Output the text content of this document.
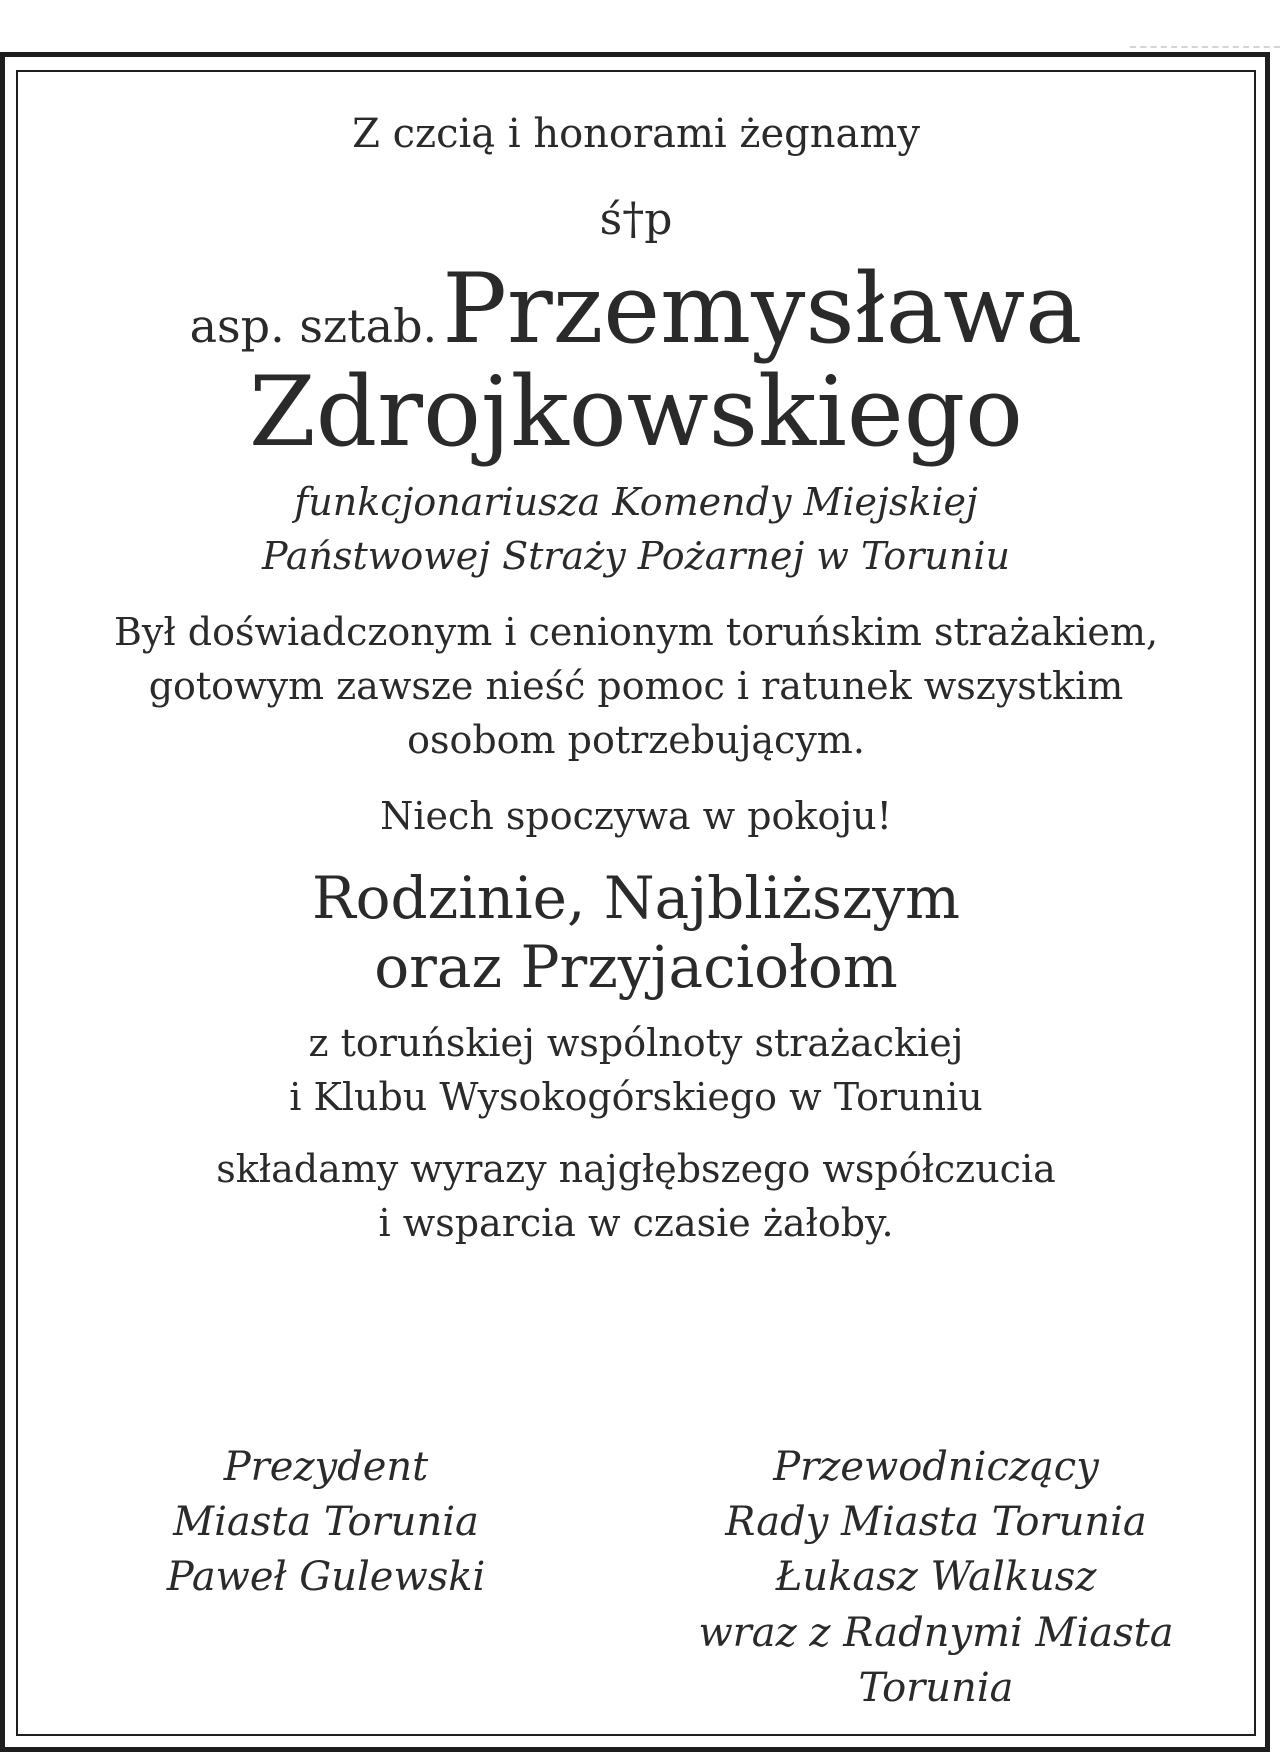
Z czcią i honorami żegnamy
ś†p
asp. sztab. Przemysława
Zdrojkowskiego
funkcjonariusza Komendy Miejskiej
Państwowej Straży Pożarnej w Toruniu
Był doświadczonym i cenionym toruńskim strażakiem,
gotowym zawsze nieść pomoc i ratunek wszystkim
osobom potrzebującym.
Niech spoczywa w pokoju!
Rodzinie, Najbliższym
oraz Przyjaciołom
z toruńskiej wspólnoty strażackiej
i Klubu Wysokogórskiego w Toruniu
składamy wyrazy najgłębszego współczucia
i wsparcia w czasie żałoby.
Prezydent
Miasta Torunia
Paweł Gulewski
Przewodniczący
Rady Miasta Torunia
Łukasz Walkusz
wraz z Radnymi Miasta
Torunia
